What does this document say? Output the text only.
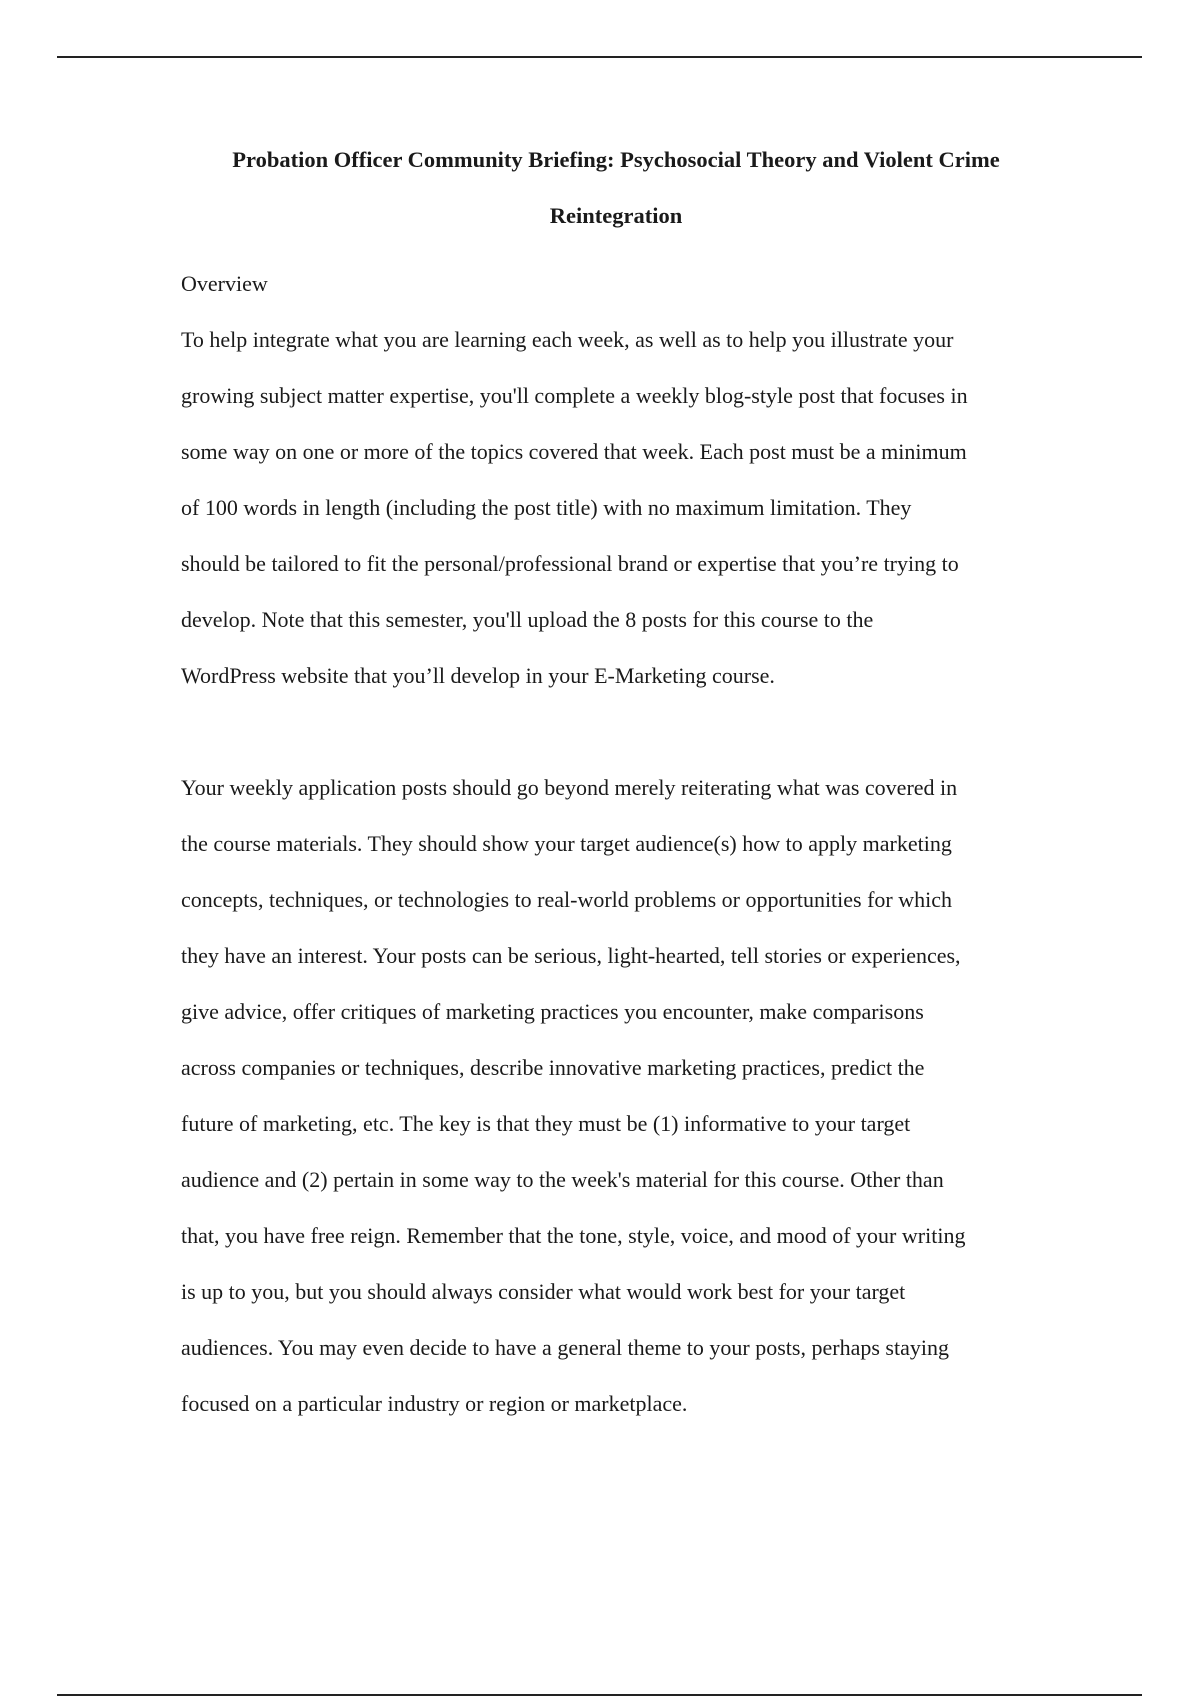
Probation Officer Community Briefing: Psychosocial Theory and Violent Crime
Reintegration
Overview

To help integrate what you are learning each week, as well as to help you illustrate your
growing subject matter expertise, you'll complete a weekly blog-style post that focuses in
some way on one or more of the topics covered that week. Each post must be a minimum
of 100 words in length (including the post title) with no maximum limitation. They
should be tailored to fit the personal/professional brand or expertise that you’re trying to
develop. Note that this semester, you'll upload the 8 posts for this course to the
WordPress website that you’ll develop in your E-Marketing course.

Your weekly application posts should go beyond merely reiterating what was covered in
the course materials. They should show your target audience(s) how to apply marketing
concepts, techniques, or technologies to real-world problems or opportunities for which
they have an interest. Your posts can be serious, light-hearted, tell stories or experiences,
give advice, offer critiques of marketing practices you encounter, make comparisons
across companies or techniques, describe innovative marketing practices, predict the
future of marketing, etc. The key is that they must be (1) informative to your target
audience and (2) pertain in some way to the week's material for this course. Other than
that, you have free reign. Remember that the tone, style, voice, and mood of your writing
is up to you, but you should always consider what would work best for your target
audiences. You may even decide to have a general theme to your posts, perhaps staying
focused on a particular industry or region or marketplace.
